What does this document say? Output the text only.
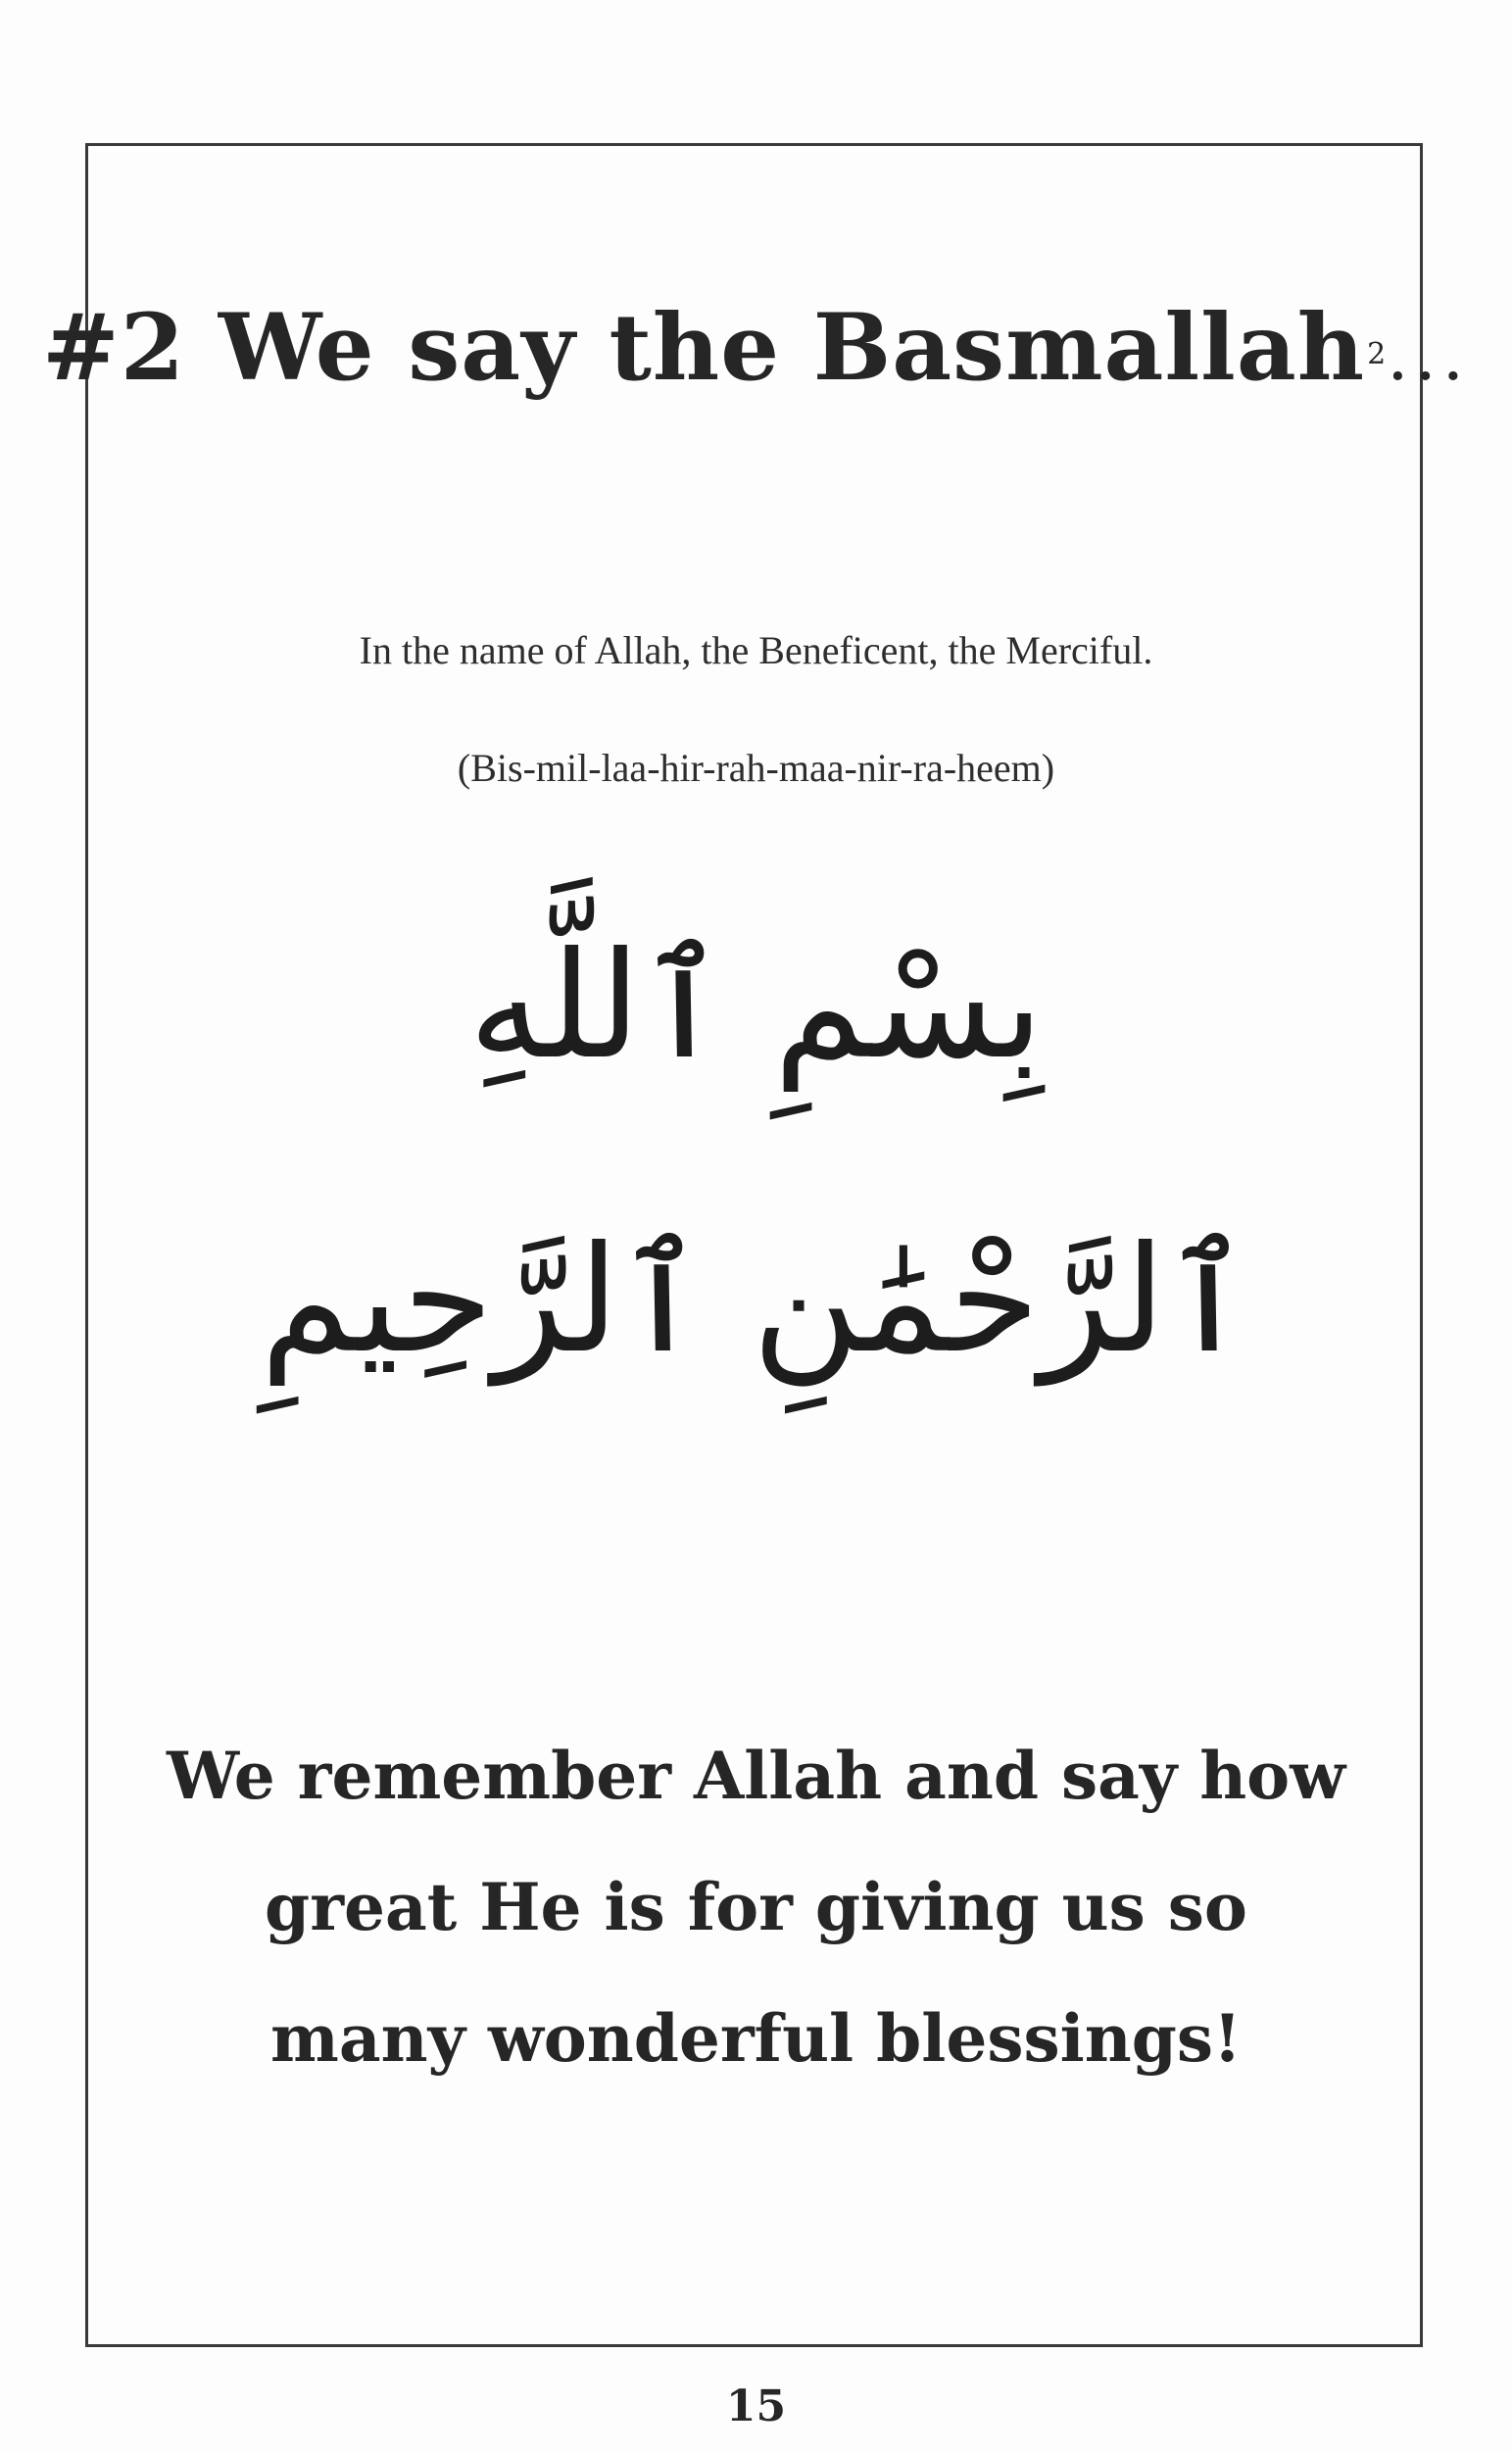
#2 We say the Basmallah$^2$...
In the name of Allah, the Beneficent, the Merciful.
(Bis-mil-laa-hir-rah-maa-nir-ra-heem)
بِسْمِ ٱللَّهِ
ٱلرَّحْمَٰنِ ٱلرَّحِيمِ
We remember Allah and say how great He is for giving us so many wonderful blessings!
15
